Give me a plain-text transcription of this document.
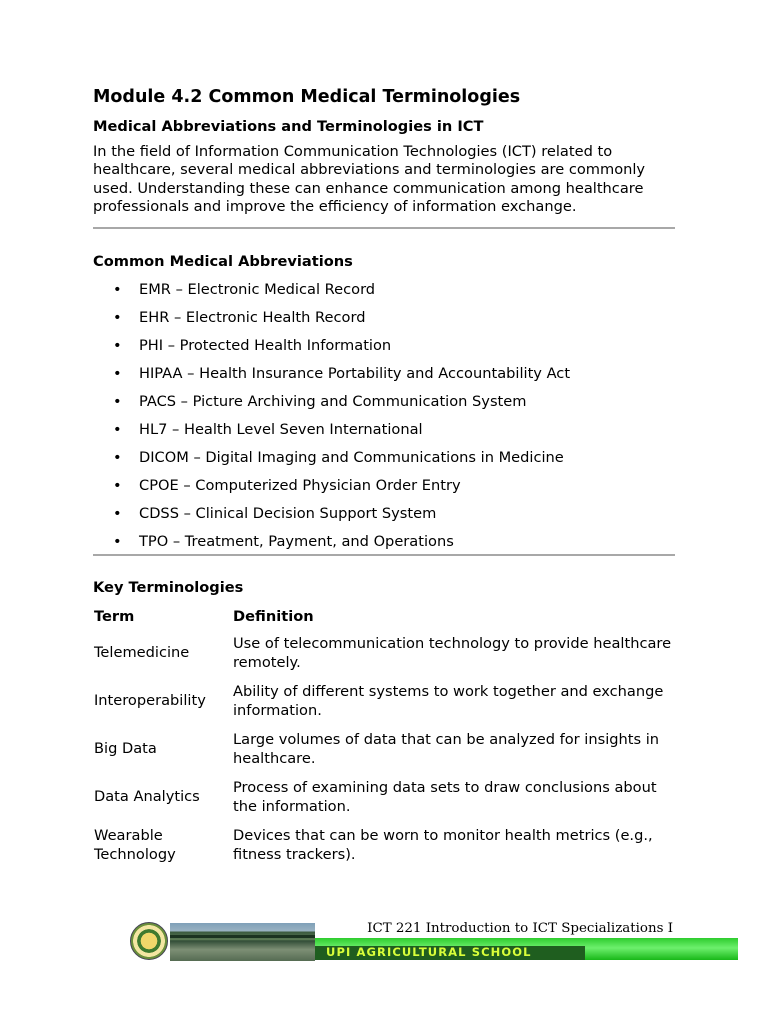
Module 4.2 Common Medical Terminologies
Medical Abbreviations and Terminologies in ICT
In the field of Information Communication Technologies (ICT) related to healthcare, several medical abbreviations and terminologies are commonly used. Understanding these can enhance communication among healthcare professionals and improve the efficiency of information exchange.
Common Medical Abbreviations
• EMR – Electronic Medical Record
• EHR – Electronic Health Record
• PHI – Protected Health Information
• HIPAA – Health Insurance Portability and Accountability Act
• PACS – Picture Archiving and Communication System
• HL7 – Health Level Seven International
• DICOM – Digital Imaging and Communications in Medicine
• CPOE – Computerized Physician Order Entry
• CDSS – Clinical Decision Support System
• TPO – Treatment, Payment, and Operations
Key Terminologies
Term	Definition
Telemedicine	Use of telecommunication technology to provide healthcare remotely.
Interoperability	Ability of different systems to work together and exchange information.
Big Data	Large volumes of data that can be analyzed for insights in healthcare.
Data Analytics	Process of examining data sets to draw conclusions about the information.
Wearable Technology	Devices that can be worn to monitor health metrics (e.g., fitness trackers).
UPI AGRICULTURAL SCHOOL
ICT 221 Introduction to ICT Specializations I
